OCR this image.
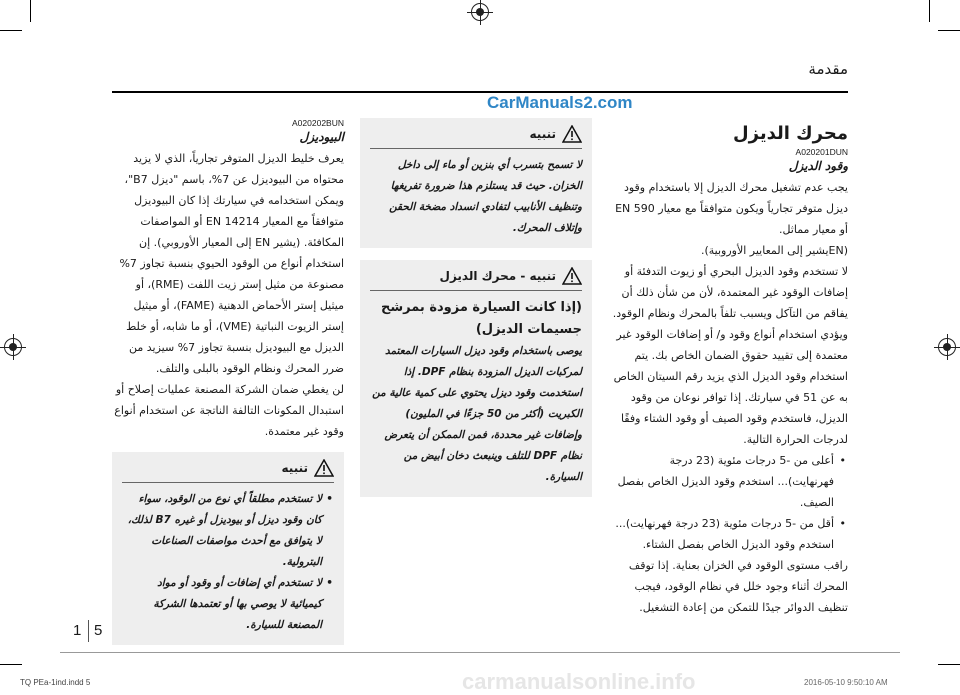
مقدمة
CarManuals2.com
محرك الديزل
A020201DUN
وقود الديزل

يجب عدم تشغيل محرك الديزل إلا باستخدام وقود ديزل متوفر تجارياً ويكون متوافقاً مع معيار EN 590 أو معيار مماثل.

(ENيشير إلى المعايير الأوروبية).

لا تستخدم وقود الديزل البحري أو زيوت التدفئة أو إضافات الوقود غير المعتمدة، لأن من شأن ذلك أن يفاقم من التآكل ويسبب تلفاً بالمحرك ونظام الوقود. ويؤدي استخدام أنواع وقود و/ أو إضافات الوقود غير معتمدة إلى تقييد حقوق الضمان الخاص بك. يتم استخدام وقود الديزل الذي يزيد رقم السيتان الخاص به عن 51 في سيارتك. إذا توافر نوعان من وقود الديزل، فاستخدم وقود الصيف أو وقود الشتاء وفقًا لدرجات الحرارة التالية.

• أعلى من -5 درجات مئوية (23 درجة فهرنهايت)... استخدم وقود الديزل الخاص بفصل الصيف.
• أقل من -5 درجات مئوية (23 درجة فهرنهايت)... استخدم وقود الديزل الخاص بفصل الشتاء.

راقب مستوى الوقود في الخزان بعناية. إذا توقف المحرك أثناء وجود خلل في نظام الوقود، فيجب تنظيف الدوائر جيدًا للتمكن من إعادة التشغيل.

تنبيه

لا تسمح بتسرب أي بنزين أو ماء إلى داخل الخزان. حيث قد يستلزم هذا ضرورة تفريغها وتنظيف الأنابيب لتفادي انسداد مضخة الحقن وإتلاف المحرك.

تنبيه - محرك الديزل
(إذا كانت السيارة مزودة بمرشح جسيمات الديزل)

يوصى باستخدام وقود ديزل السيارات المعتمد لمركبات الديزل المزودة بنظام DPF. إذا استخدمت وقود ديزل يحتوي على كمية عالية من الكبريت (أكثر من 50 جزءًا في المليون) وإضافات غير محددة، فمن الممكن أن يتعرض نظام DPF للتلف وينبعث دخان أبيض من السيارة.

A020202BUN
البيوديزل

يعرف خليط الديزل المتوفر تجارياً، الذي لا يزيد محتواه من البيوديزل عن 7%، باسم "ديزل B7"، ويمكن استخدامه في سيارتك إذا كان البيوديزل متوافقاً مع المعيار EN 14214 أو المواصفات المكافئة. (يشير EN إلى المعيار الأوروبي). إن استخدام أنواع من الوقود الحيوي بنسبة تجاوز 7% مصنوعة من مثيل إستر زيت اللفت (RME)، أو ميثيل إستر الأحماض الدهنية (FAME)، أو ميثيل إستر الزيوت النباتية (VME)، أو ما شابه، أو خلط الديزل مع البيوديزل بنسبة تجاوز 7% سيزيد من ضرر المحرك ونظام الوقود بالبلى والتلف.

لن يغطي ضمان الشركة المصنعة عمليات إصلاح أو استبدال المكونات التالفة الناتجة عن استخدام أنواع وقود غير معتمدة.

تنبيه
• لا تستخدم مطلقاً أي نوع من الوقود، سواء كان وقود ديزل أو بيوديزل أو غيره B7 لذلك، لا يتوافق مع أحدث مواصفات الصناعات البترولية.
• لا تستخدم أي إضافات أو وقود أو مواد كيميائية لا يوصي بها أو تعتمدها الشركة المصنعة للسيارة.
1 5
TQ PEa-1ind.indd 5	carmanualsonline.info	2016-05-10 9:50:10 AM
